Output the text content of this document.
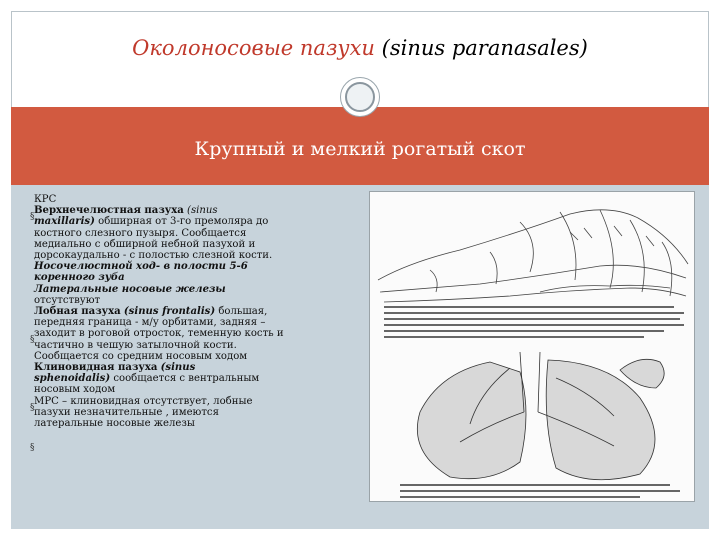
Околоносовые пазухи (sinus paranasales)
Крупный и мелкий рогатый скот
§
§
§
§

КРС

Верхнечелюстная пазуха (sinus

maxillaris) обширная от 3-го премоляра до

костного слезного пузыря. Сообщается

медиально с обширной небной пазухой и

дорсокаудально - с полостью слезной кости.

Носочелюстной ход- в полости 5-6

коренного зуба

Латеральные носовые железы

отсутствуют

Лобная пазуха (sinus frontalis) большая,

передняя граница - м/у орбитами, задняя –

заходит в роговой отросток, теменную кость и

частично в чешую затылочной кости.

Сообщается со средним носовым ходом

Клиновидная пазуха (sinus

sphenoidalis) сообщается с вентральным

носовым ходом

МРС – клиновидная отсутствует, лобные

пазухи незначительные , имеются

латеральные носовые железы
